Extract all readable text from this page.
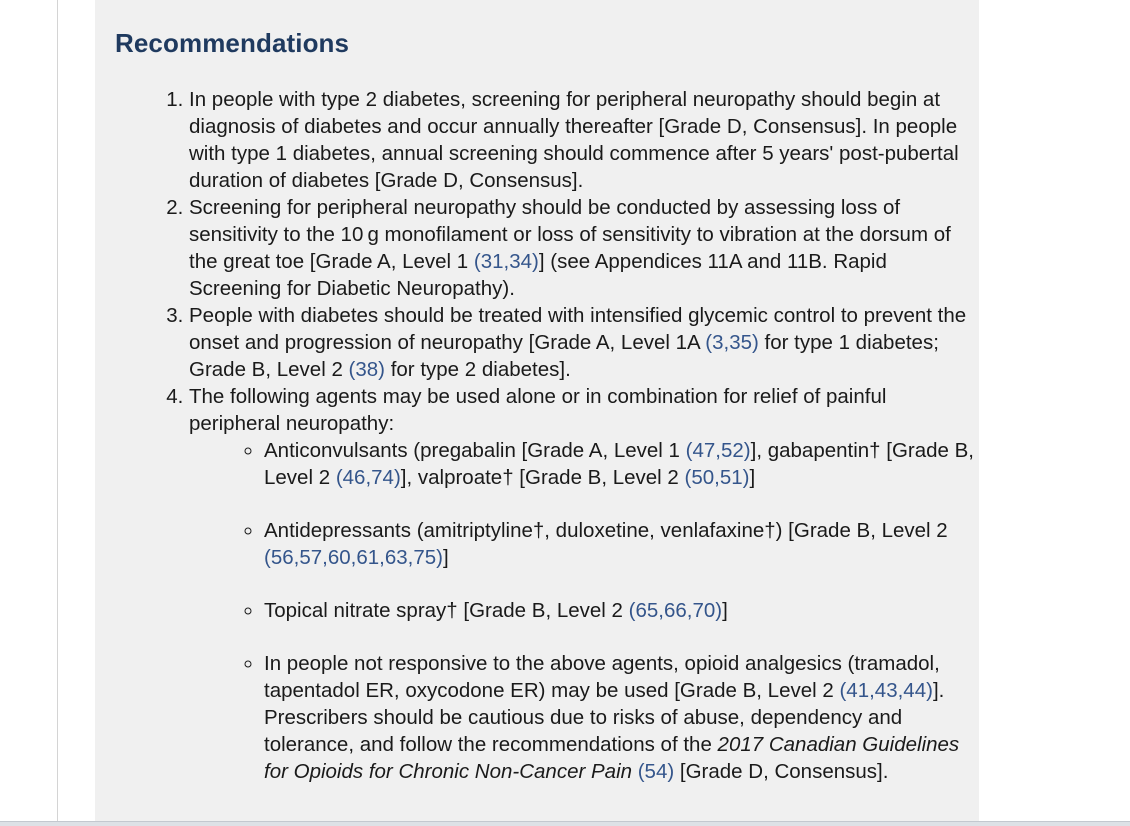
Recommendations
1. In people with type 2 diabetes, screening for peripheral neuropathy should begin at diagnosis of diabetes and occur annually thereafter [Grade D, Consensus]. In people with type 1 diabetes, annual screening should commence after 5 years' post-pubertal duration of diabetes [Grade D, Consensus].
2. Screening for peripheral neuropathy should be conducted by assessing loss of sensitivity to the 10 g monofilament or loss of sensitivity to vibration at the dorsum of the great toe [Grade A, Level 1 (31,34)] (see Appendices 11A and 11B. Rapid Screening for Diabetic Neuropathy).
3. People with diabetes should be treated with intensified glycemic control to prevent the onset and progression of neuropathy [Grade A, Level 1A (3,35) for type 1 diabetes; Grade B, Level 2 (38) for type 2 diabetes].
4. The following agents may be used alone or in combination for relief of painful peripheral neuropathy:
◦ Anticonvulsants (pregabalin [Grade A, Level 1 (47,52)], gabapentin† [Grade B, Level 2 (46,74)], valproate† [Grade B, Level 2 (50,51)]
◦ Antidepressants (amitriptyline†, duloxetine, venlafaxine†) [Grade B, Level 2 (56,57,60,61,63,75)]
◦ Topical nitrate spray† [Grade B, Level 2 (65,66,70)]
◦ In people not responsive to the above agents, opioid analgesics (tramadol, tapentadol ER, oxycodone ER) may be used [Grade B, Level 2 (41,43,44)]. Prescribers should be cautious due to risks of abuse, dependency and tolerance, and follow the recommendations of the 2017 Canadian Guidelines for Opioids for Chronic Non-Cancer Pain (54) [Grade D, Consensus].
